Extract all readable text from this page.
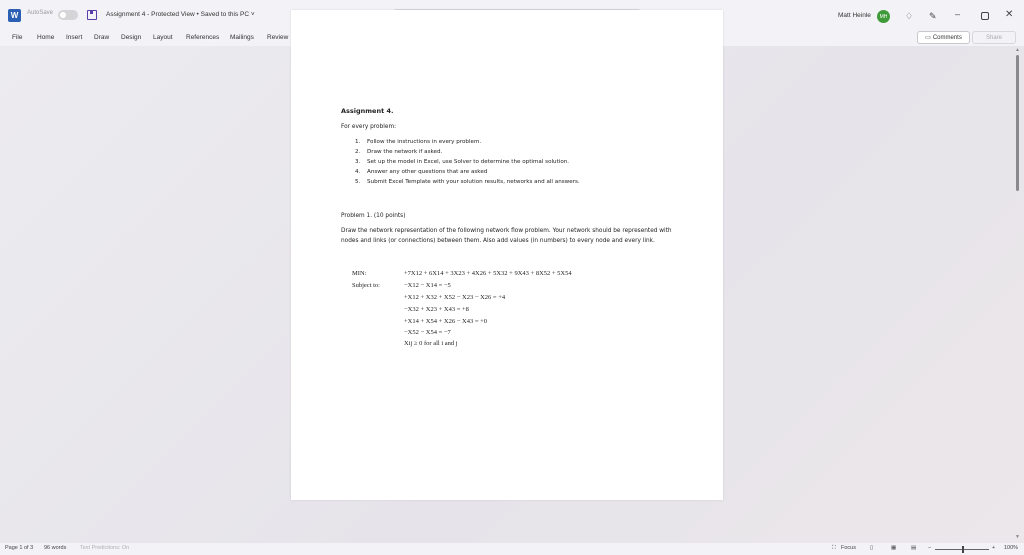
W	AutoSave	Assignment 4 - Protected View • Saved to this PC ˅	Matt Heinle	MH ♢ ✎ –	✕
File Home Insert Draw Design Layout References Mailings Review	▭ Comments	Share
▲
▼
Assignment 4.
For every problem:
1. Follow the instructions in every problem.
2. Draw the network if asked.
3. Set up the model in Excel, use Solver to determine the optimal solution.
4. Answer any other questions that are asked
5. Submit Excel Template with your solution results, networks and all answers.
Problem 1. (10 points)
Draw the network representation of the following network flow problem. Your network should be represented with nodes and links (or connections) between them. Also add values (in numbers) to every node and every link.
MIN:
Subject to:
+7X12 + 6X14 + 3X23 + 4X26 + 5X32 + 9X43 + 8X52 + 5X54
−X12 − X14 = −5
+X12 + X32 + X52 − X23 − X26 = +4
−X32 + X23 + X43 = +8
+X14 + X54 + X26 − X43 = +0
−X52 − X54 = −7
Xij ≥ 0 for all i and j
Page 1 of 3 96 words Text Predictions: On	⛶ Focus	▯	▦	▤ −	+ 100%
